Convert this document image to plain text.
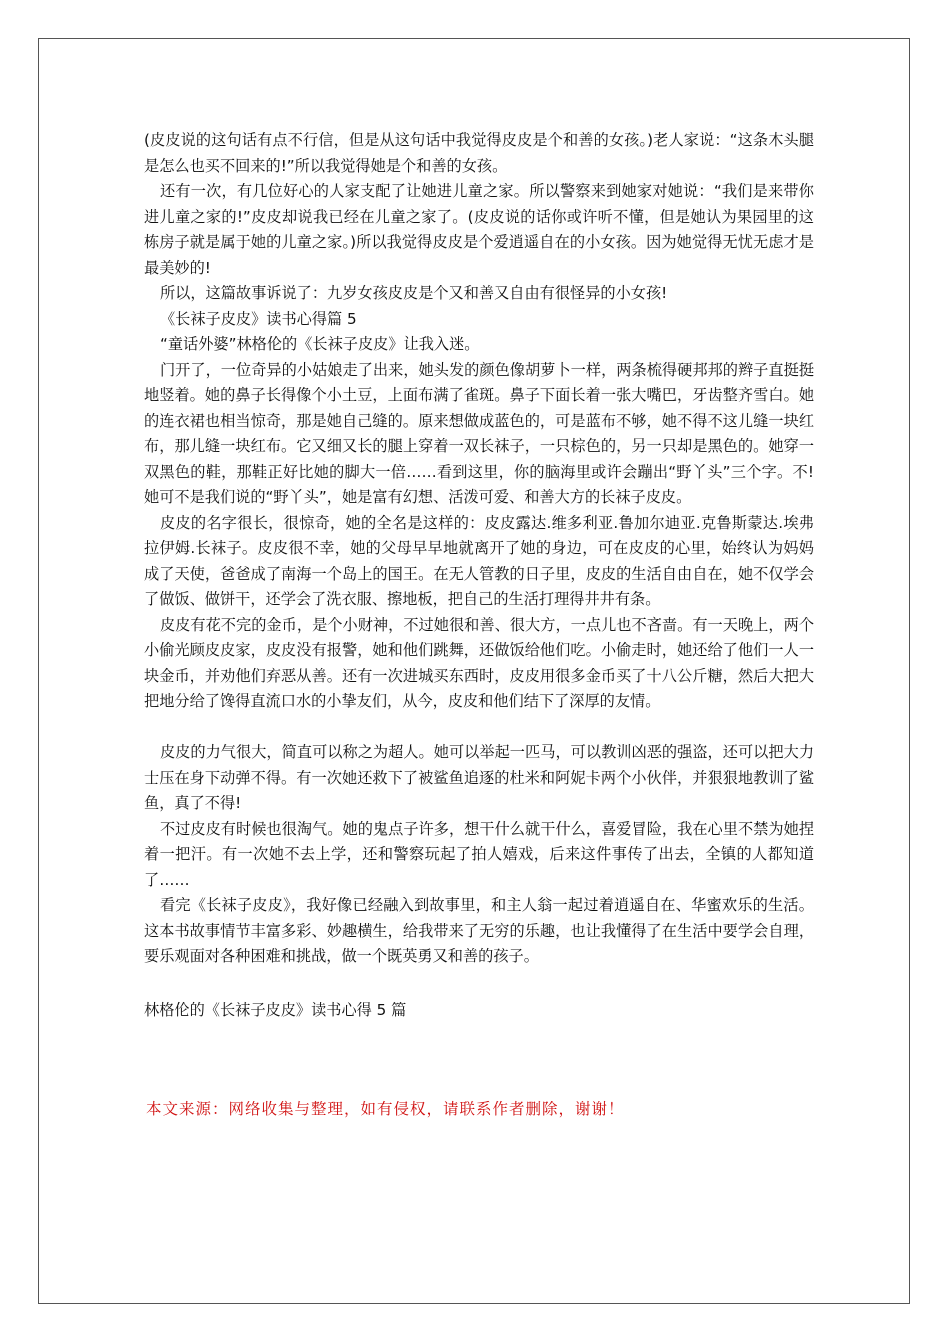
(皮皮说的这句话有点不行信，但是从这句话中我觉得皮皮是个和善的女孩。)老人家说：“这条木头腿是怎么也买不回来的!”所以我觉得她是个和善的女孩。

还有一次，有几位好心的人家支配了让她进儿童之家。所以警察来到她家对她说：“我们是来带你进儿童之家的!”皮皮却说我已经在儿童之家了。(皮皮说的话你或许听不懂，但是她认为果园里的这栋房子就是属于她的儿童之家。)所以我觉得皮皮是个爱逍遥自在的小女孩。因为她觉得无忧无虑才是最美妙的!

所以，这篇故事诉说了：九岁女孩皮皮是个又和善又自由有很怪异的小女孩!

《长袜子皮皮》读书心得篇 5

“童话外婆”林格伦的《长袜子皮皮》让我入迷。

门开了，一位奇异的小姑娘走了出来，她头发的颜色像胡萝卜一样，两条梳得硬邦邦的辫子直挺挺地竖着。她的鼻子长得像个小土豆，上面布满了雀斑。鼻子下面长着一张大嘴巴，牙齿整齐雪白。她的连衣裙也相当惊奇，那是她自己缝的。原来想做成蓝色的，可是蓝布不够，她不得不这儿缝一块红布，那儿缝一块红布。它又细又长的腿上穿着一双长袜子，一只棕色的，另一只却是黑色的。她穿一双黑色的鞋，那鞋正好比她的脚大一倍……看到这里，你的脑海里或许会蹦出“野丫头”三个字。不!她可不是我们说的“野丫头”，她是富有幻想、活泼可爱、和善大方的长袜子皮皮。

皮皮的名字很长，很惊奇，她的全名是这样的：皮皮露达.维多利亚.鲁加尔迪亚.克鲁斯蒙达.埃弗拉伊姆.长袜子。皮皮很不幸，她的父母早早地就离开了她的身边，可在皮皮的心里，始终认为妈妈成了天使，爸爸成了南海一个岛上的国王。在无人管教的日子里，皮皮的生活自由自在，她不仅学会了做饭、做饼干，还学会了洗衣服、擦地板，把自己的生活打理得井井有条。

皮皮有花不完的金币，是个小财神，不过她很和善、很大方，一点儿也不吝啬。有一天晚上，两个小偷光顾皮皮家，皮皮没有报警，她和他们跳舞，还做饭给他们吃。小偷走时，她还给了他们一人一块金币，并劝他们弃恶从善。还有一次进城买东西时，皮皮用很多金币买了十八公斤糖，然后大把大把地分给了馋得直流口水的小挚友们，从今，皮皮和他们结下了深厚的友情。

皮皮的力气很大，简直可以称之为超人。她可以举起一匹马，可以教训凶恶的强盗，还可以把大力士压在身下动弹不得。有一次她还救下了被鲨鱼追逐的杜米和阿妮卡两个小伙伴，并狠狠地教训了鲨鱼，真了不得!

不过皮皮有时候也很淘气。她的鬼点子许多，想干什么就干什么，喜爱冒险，我在心里不禁为她捏着一把汗。有一次她不去上学，还和警察玩起了拍人嬉戏，后来这件事传了出去，全镇的人都知道了……

看完《长袜子皮皮》，我好像已经融入到故事里，和主人翁一起过着逍遥自在、华蜜欢乐的生活。这本书故事情节丰富多彩、妙趣横生，给我带来了无穷的乐趣，也让我懂得了在生活中要学会自理，要乐观面对各种困难和挑战，做一个既英勇又和善的孩子。

林格伦的《长袜子皮皮》读书心得 5 篇
本文来源：网络收集与整理，如有侵权，请联系作者删除，谢谢！
